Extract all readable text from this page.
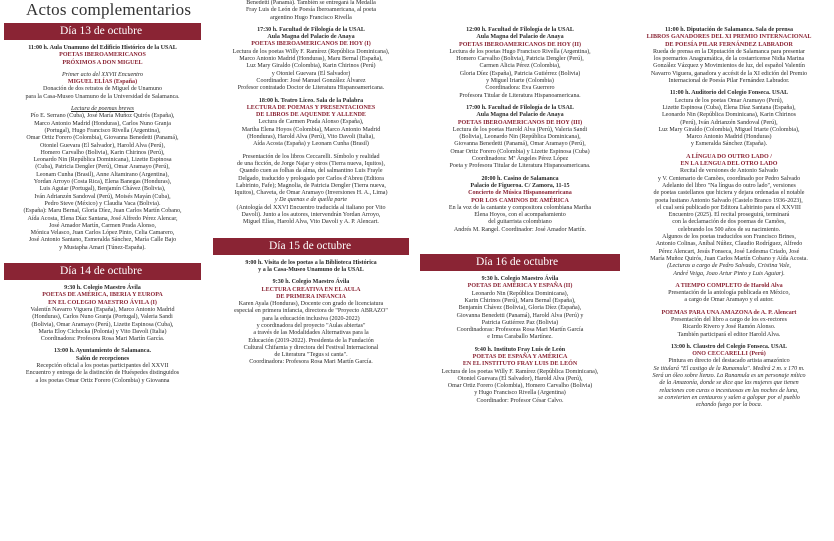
Actos complementarios
Día 13 de octubre

11:00 h. Aula Unamuno del Edificio Histórico de la USAL

POETAS IBEROAMERICANOS

PRÓXIMOS A DON MIGUEL

Primer acto del XXVII Encuentro

MIGUEL ELÍAS (España)

Donación de dos retratos de Miguel de Unamuno

para la Casa-Museo Unamuno de la Universidad de Salamanca.

Lectura de poemas breves

Pío E. Serrano (Cuba), José María Muñoz Quirós (España),

Marco Antonio Madrid (Honduras), Carlos Nuno Granja

(Portugal), Hugo Francisco Rivella (Argentina),

Omar Ortiz Forero (Colombia), Giovanna Benedetti (Panamá),

Otoniel Guevara (El Salvador), Harold Alva (Perú),

Homero Carvalho (Bolivia), Karin Chirinos (Perú),

Leonardo Nin (República Dominicana), Lizette Espinosa

(Cuba), Patricia Dengler (Perú), Omar Aramayo (Perú),

Leonam Cunha (Brasil), Anne Altamirano (Argentina),

Yordan Arroyo (Costa Rica), Elena Banegas (Honduras),

Luis Aguiar (Portugal), Benjamín Chávez (Bolivia),

Iván Adrianzén Sandoval (Perú), Moisés Mayán (Cuba),

Pedro Steve (México) y Claudia Vaca (Bolivia).

(España): Maru Bernal, Gloria Díez, Juan Carlos Martín Cobano,

Aída Acosta, Elena Díaz Santana, José Alfredo Pérez Alencar,

José Amador Martín, Carmen Prada Alonso,

Mónica Velasco, Juan Carlos López Pinto, Celia Camarero,

José Antonio Santano, Esmeralda Sánchez, María Calle Bajo

y Mustapha Amari (Túnez-España).

Día 14 de octubre

9:30 h. Colegio Maestro Ávila

POETAS DE AMÉRICA, IBERIA Y EUROPA

EN EL COLEGIO MAESTRO ÁVILA (I)

Valentín Navarro Viguera (España), Marco Antonio Madrid

(Honduras), Carlos Nuno Granja (Portugal), Valeria Sandi

(Bolivia), Omar Aramayo (Perú), Lizette Espinosa (Cuba),

Marta Eloy Cichocka (Polonia) y Vito Davoli (Italia)

Coordinadora: Profesora Rosa Mari Martín García.

13:00 h. Ayuntamiento de Salamanca.

Salón de recepciones

Recepción oficial a los poetas participantes del XXVII

Encuentro y entrega de la distinción de Huéspedes distinguidos

a los poetas Omar Ortiz Forero (Colombia) y Giovanna

Benedetti (Panamá). También se entregará la Medalla

Fray Luis de León de Poesía Iberoamericana, al poeta

argentino Hugo Francisco Rivella

17:30 h. Facultad de Filología de la USAL

Aula Magna del Palacio de Anaya

POETAS IBEROAMERICANOS DE HOY (I)

Lectura de los poetas Willy F. Ramírez (República Dominicana),

Marco Antonio Madrid (Honduras), Maru Bernal (España),

Luz Mary Giraldo (Colombia), Karin Chirinos (Perú)

y Otoniel Guevara (El Salvador)

Coordinador: José Manuel González Álvarez

Profesor contratado Doctor de Literatura Hispanoamericana.

18:00 h. Teatro Liceo. Sala de la Palabra

LECTURA DE POEMAS Y PRESENTACIONES

DE LIBROS DE AQUENDE Y ALLENDE

Lectura de Carmen Prada Alonso (España),

Martha Elena Hoyos (Colombia), Marco Antonio Madrid

(Honduras), Harold Alva (Perú), Vito Davoli (Italia),

Aída Acosta (España) y Leonam Cunha (Brasil)

Presentación de los libros Ceccarelli. Símbolo y realidad

de una ficción, de Jorge Najar y otros (Tierra nueva, Iquitos),

Quando cuen as folhas da alma, del salmantino Luis Frayle

Delgado, traducido y prologado por Carlos d'Abreu (Editora

Labirinto, Fafe); Magnolia, de Patricia Dengler (Tierra nueva,

Iquitos), Chaveta, de Omar Aramayo (Inversiones H. A., Lima)

y De quenas e de quella parte

(Antología del XXVI Encuentro traducida al italiano por Vito

Davoli). Junto a los autores, intervendrán Yordan Arroyo,

Miguel Elías, Harold Alva, Vito Davoli y A. P. Alencart.

Día 15 de octubre

9:00 h. Visita de los poetas a la Biblioteca Histórica

y a la Casa-Museo Unamuno de la USAL

9:30 h. Colegio Maestro Ávila

LECTURA CREATIVA EN EL AULA

DE PRIMERA INFANCIA

Karen Ayala (Honduras), Docente con grado de licenciatura

especial en primera infancia, directora de "Proyecto ABRAZO"

para la educación inclusiva (2020-2022)

y coordinadora del proyecto "Aulas abiertas"

a través de las Modalidades Alternativas para la

Educación (2019-2022). Presidenta de la Fundación

Cultural Chifarnia y directora del Festival Internacional

de Literatura "Tegus si canta".

Coordinadora: Profesora Rosa Mari Martín García.

12:00 h. Facultad de Filología de la USAL

Aula Magna del Palacio de Anaya

POETAS IBEROAMERICANOS DE HOY (II)

Lectura de los poetas Hugo Francisco Rivella (Argentina),

Homero Carvalho (Bolivia), Patricia Dengler (Perú),

Carmen Alicia Pérez (Colombia),

Gloria Díez (España), Patricia Gutiérrez (Bolivia)

y Miguel Iriarte (Colombia)

Coordinadora: Eva Guerrero

Profesora Titular de Literatura Hispanoamericana.

17:00 h. Facultad de Filología de la USAL

Aula Magna del Palacio de Anaya

POETAS IBEROAMERICANOS DE HOY (III)

Lectura de los poetas Harold Alva (Perú), Valeria Sandi

(Bolivia), Leonardo Nin (República Dominicana),

Giovanna Benedetti (Panamá), Omar Aramayo (Perú),

Omar Ortiz Forero (Colombia) y Lizette Espinosa (Cuba)

Coordinadora: Mª Ángeles Pérez López

Poeta y Profesora Titular de Literatura Hispanoamericana.

20:00 h. Casino de Salamanca

Palacio de Figueroa. C/ Zamora, 11-15

Concierto de Música Hispanoamericana

POR LOS CAMINOS DE AMÉRICA

En la voz de la cantante y compositora colombiana Martha

Elena Hoyos, con el acompañamiento

del guitarrista colombiano

Andrés M. Rangel. Coordinador: José Amador Martín.

Día 16 de octubre

9:30 h. Colegio Maestro Ávila

POETAS DE AMÉRICA Y ESPAÑA (II)

Leonardo Nin (República Dominicana),

Karin Chirinos (Perú), Maru Bernal (España),

Benjamín Chávez (Bolivia), Gloria Díez (España),

Giovanna Benedetti (Panamá), Harold Alva (Perú) y

Patricia Gutiérrez Paz (Bolivia)

Coordinadoras: Profesoras Rosa Mari Martín García

e Irma Caraballo Martínez.

9:40 h. Instituto Fray Luis de León

POETAS DE ESPAÑA Y AMÉRICA

EN EL INSTITUTO FRAY LUIS DE LEÓN

Lectura de los poetas Willy F. Ramírez (República Dominicana),

Otoniel Guevara (El Salvador), Harold Alva (Perú),

Omar Ortiz Forero (Colombia), Homero Carvalho (Bolivia)

y Hugo Francisco Rivella (Argentina)

Coordinador: Profesor César Calvo.

11:00 h. Diputación de Salamanca. Sala de prensa

LIBROS GANADORES DEL XI PREMIO INTERNACIONAL

DE POESÍA PILAR FERNÁNDEZ LABRADOR

Rueda de prensa en la Diputación de Salamanca para presentar

los poemarios Anagramática, de la costarricense Nidia Marina

González Vázquez y Movimientos de luz, del español Valentín

Navarro Viguera, ganadora y accésit de la XI edición del Premio

Internacional de Poesía Pilar Fernández Labrador.

11:00 h. Auditorio del Colegio Fonseca. USAL

Lectura de los poetas Omar Aramayo (Perú),

Lizette Espinosa (Cuba), Elena Díaz Santana (España),

Leonardo Nin (República Dominicana), Karin Chirinos

(Perú), Iván Adrianzén Sandoval (Perú),

Luz Mary Giraldo (Colombia), Miguel Iriarte (Colombia),

Marco Antonio Madrid (Honduras)

y Esmeralda Sánchez (España).

A LÍNGUA DO OUTRO LADO /

EN LA LENGUA DEL OTRO LADO

Recital de versiones de Antonio Salvado

y V. Centenario de Camões, coordinado por Pedro Salvado

Adelanto del libro "Na língua do outro lado", versiones

de poetas castellanos que hiciera y dejara ordenadas el notable

poeta lusitano Antonio Salvado (Castelo Branco 1936-2023),

el cual será publicado por Editora Labirinto para el XXVIII

Encuentro (2025). El recital proseguirá, terminará

con la declamación de dos poemas de Camões,

celebrando los 500 años de su nacimiento.

Algunos de los poetas traducidos son Francisco Brines,

Antonio Colinas, Aníbal Núñez, Claudio Rodríguez, Alfredo

Pérez Alencart, Jesús Fonseca, José Ledesma Criado, José

María Muñoz Quirós, Juan Carlos Martín Cobano y Aída Acosta.

(Lecturas a cargo de Pedro Salvado, Cristina Vale,

André Veiga, Joao Artur Pinto y Luis Aguiar).

A TIEMPO COMPLETO de Harold Alva

Presentación de la antología publicada en México,

a cargo de Omar Aramayo y el autor.

POEMAS PARA UNA AMAZONA de A. P. Alencart

Presentación del libro a cargo de los ex-rectores

Ricardo Rivero y José Ramón Alonso.

También participará el editor Harold Alva.

13:00 h. Claustro del Colegio Fonseca. USAL

ONO CECCARELLI (Perú)

Pintura en directo del destacado artista amazónico

Se titulará "El castigo de la Runamula". Medirá 2 m. x 170 m.

Será un óleo sobre lienzo. La Runamula es un personaje mítico

de la Amazonía, donde se dice que las mujeres que tienen

relaciones con curas o incestuosas en las noches de luna,

se convierten en centauros y salen a galopar por el pueblo

echando fuego por la boca.
